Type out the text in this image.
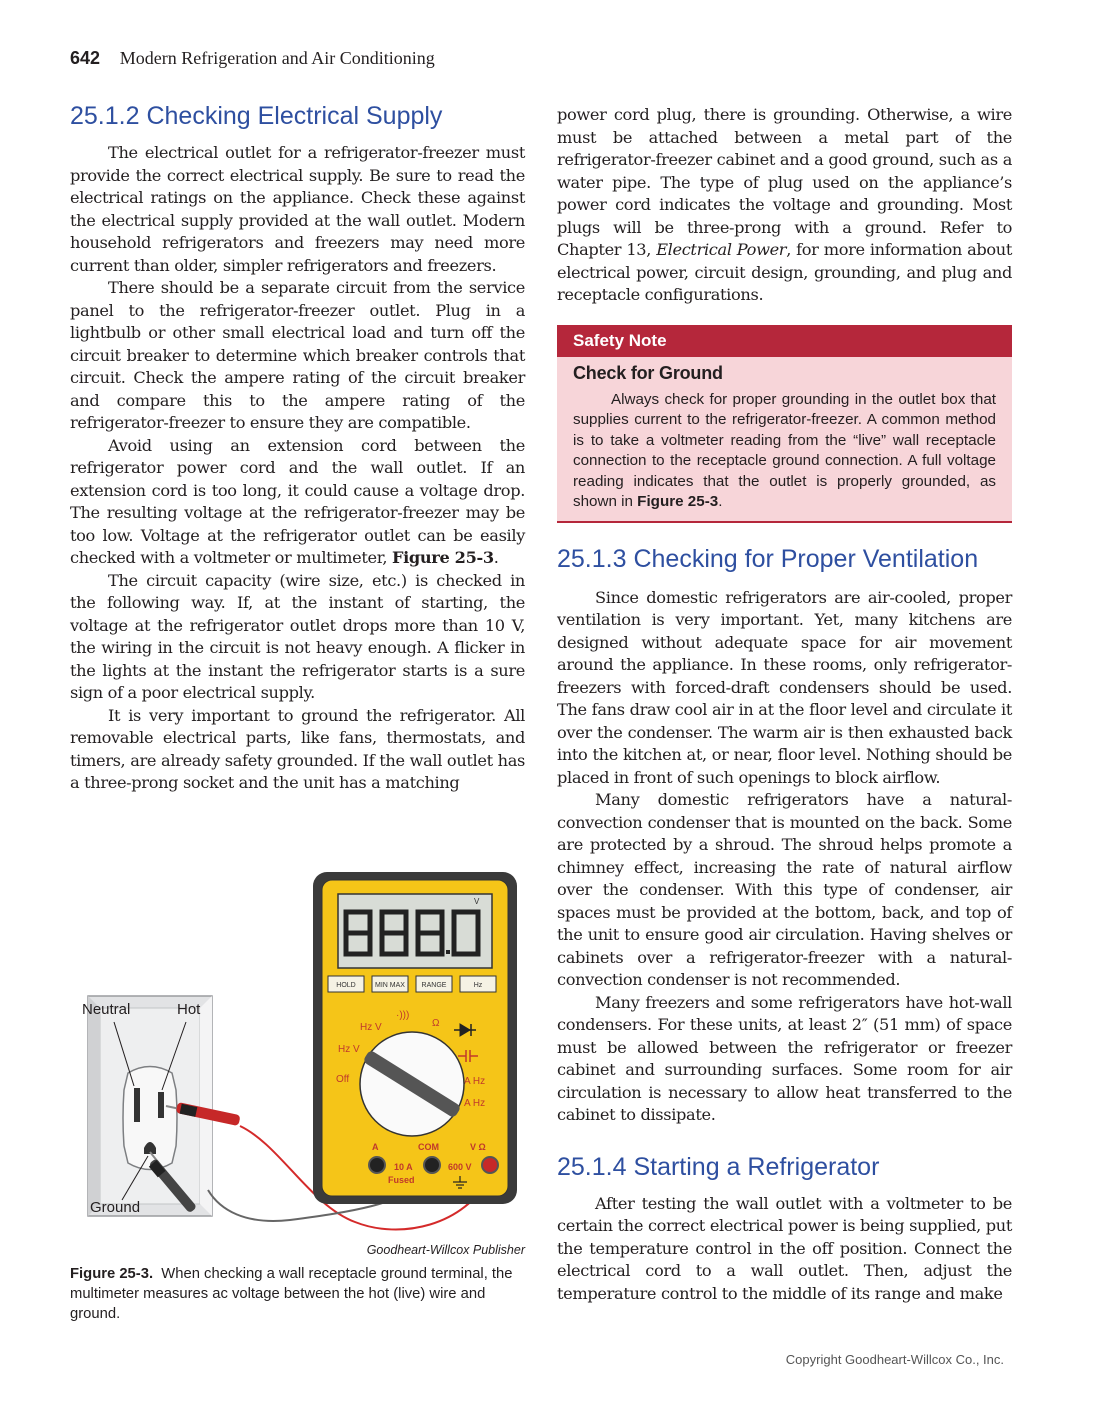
642 Modern Refrigeration and Air Conditioning
25.1.2 Checking Electrical Supply

The electrical outlet for a refrigerator-freezer must provide the correct electrical supply. Be sure to read the electrical ratings on the appliance. Check these against the electrical supply provided at the wall outlet. Modern household refrigerators and freezers may need more current than older, simpler refrigerators and freezers.

There should be a separate circuit from the service panel to the refrigerator-freezer outlet. Plug in a lightbulb or other small electrical load and turn off the circuit breaker to determine which breaker controls that circuit. Check the ampere rating of the circuit breaker and compare this to the ampere rating of the refrigerator-freezer to ensure they are compatible.

Avoid using an extension cord between the refrigerator power cord and the wall outlet. If an extension cord is too long, it could cause a voltage drop. The resulting voltage at the refrigerator-freezer may be too low. Voltage at the refrigerator outlet can be easily checked with a voltmeter or multimeter, Figure 25-3.

The circuit capacity (wire size, etc.) is checked in the following way. If, at the instant of starting, the voltage at the refrigerator outlet drops more than 10 V, the wiring in the circuit is not heavy enough. A flicker in the lights at the instant the refrigerator starts is a sure sign of a poor electrical supply.

It is very important to ground the refrigerator. All removable electrical parts, like fans, thermostats, and timers, are already safety grounded. If the wall outlet has a three-prong socket and the unit has a matching

power cord plug, there is grounding. Otherwise, a wire must be attached between a metal part of the refrigerator-freezer cabinet and a good ground, such as a water pipe. The type of plug used on the appliance’s power cord indicates the voltage and grounding. Most plugs will be three-prong with a ground. Refer to Chapter 13, Electrical Power, for more information about electrical power, circuit design, grounding, and plug and receptacle configurations.

Safety Note
Check for Ground
Always check for proper grounding in the outlet box that supplies current to the refrigerator-freezer. A common method is to take a voltmeter reading from the “live” wall receptacle connection to the receptacle ground connection. A full voltage reading indicates that the outlet is properly grounded, as shown in Figure 25-3.
25.1.3 Checking for Proper Ventilation

Since domestic refrigerators are air-cooled, proper ventilation is very important. Yet, many kitchens are designed without adequate space for air movement around the appliance. In these rooms, only refrigerator-freezers with forced-draft condensers should be used. The fans draw cool air in at the floor level and circulate it over the condenser. The warm air is then exhausted back into the kitchen at, or near, floor level. Nothing should be placed in front of such openings to block airflow.

Many domestic refrigerators have a natural-convection condenser that is mounted on the back. Some are protected by a shroud. The shroud helps promote a chimney effect, increasing the rate of natural airflow over the condenser. With this type of condenser, air spaces must be provided at the bottom, back, and top of the unit to ensure good air circulation. Having shelves or cabinets over a refrigerator-freezer with a natural-convection condenser is not recommended.

Many freezers and some refrigerators have hot-wall condensers. For these units, at least 2″ (51 mm) of space must be allowed between the refrigerator or freezer cabinet and surrounding surfaces. Some room for air circulation is necessary to allow heat transferred to the cabinet to dissipate.

25.1.4 Starting a Refrigerator

After testing the wall outlet with a voltmeter to be certain the correct electrical power is being supplied, put the temperature control in the off position. Connect the electrical cord to a wall outlet. Then, adjust the temperature control to the middle of its range and make

Neutral	Hot
Ground
V
HOLD	MIN MAX RANGE	Hz
Hz V
Hz V
Off
·)))
Ω
A Hz
A Hz
A	COM	V Ω
10 A
Fused
600 V
Goodheart-Willcox Publisher
Figure 25-3. When checking a wall receptacle ground terminal, the multimeter measures ac voltage between the hot (live) wire and ground.
Copyright Goodheart-Willcox Co., Inc.
